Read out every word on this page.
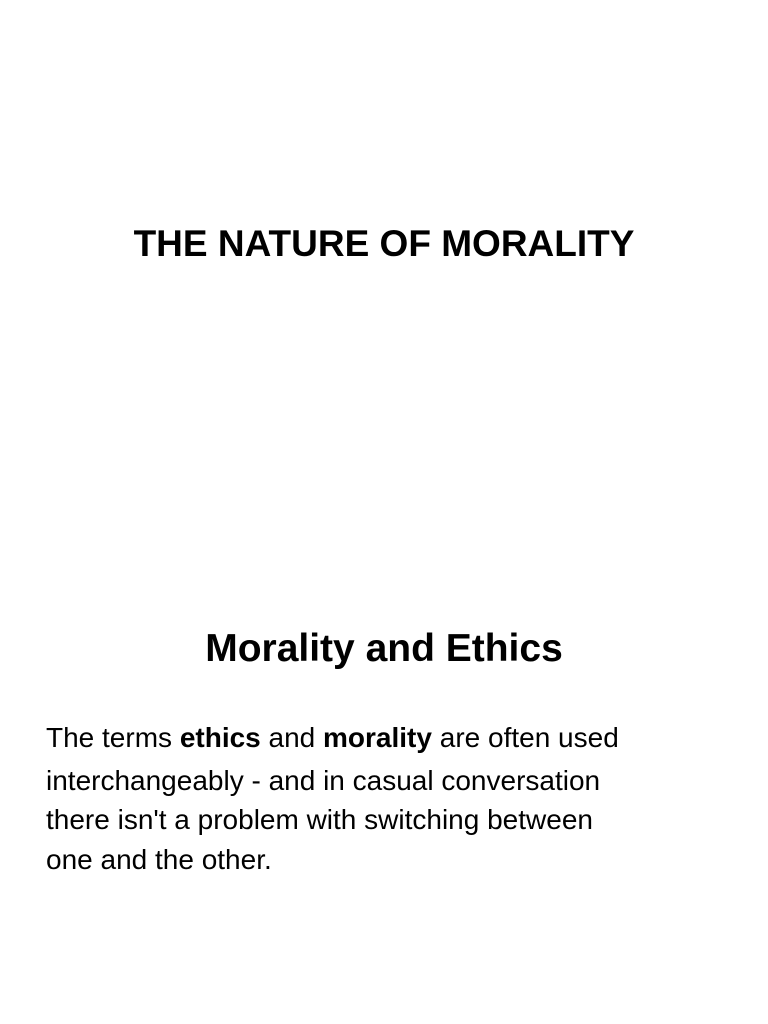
THE NATURE OF MORALITY
Morality and Ethics
The terms ethics and morality are often used
interchangeably - and in casual conversation
there isn't a problem with switching between
one and the other.
